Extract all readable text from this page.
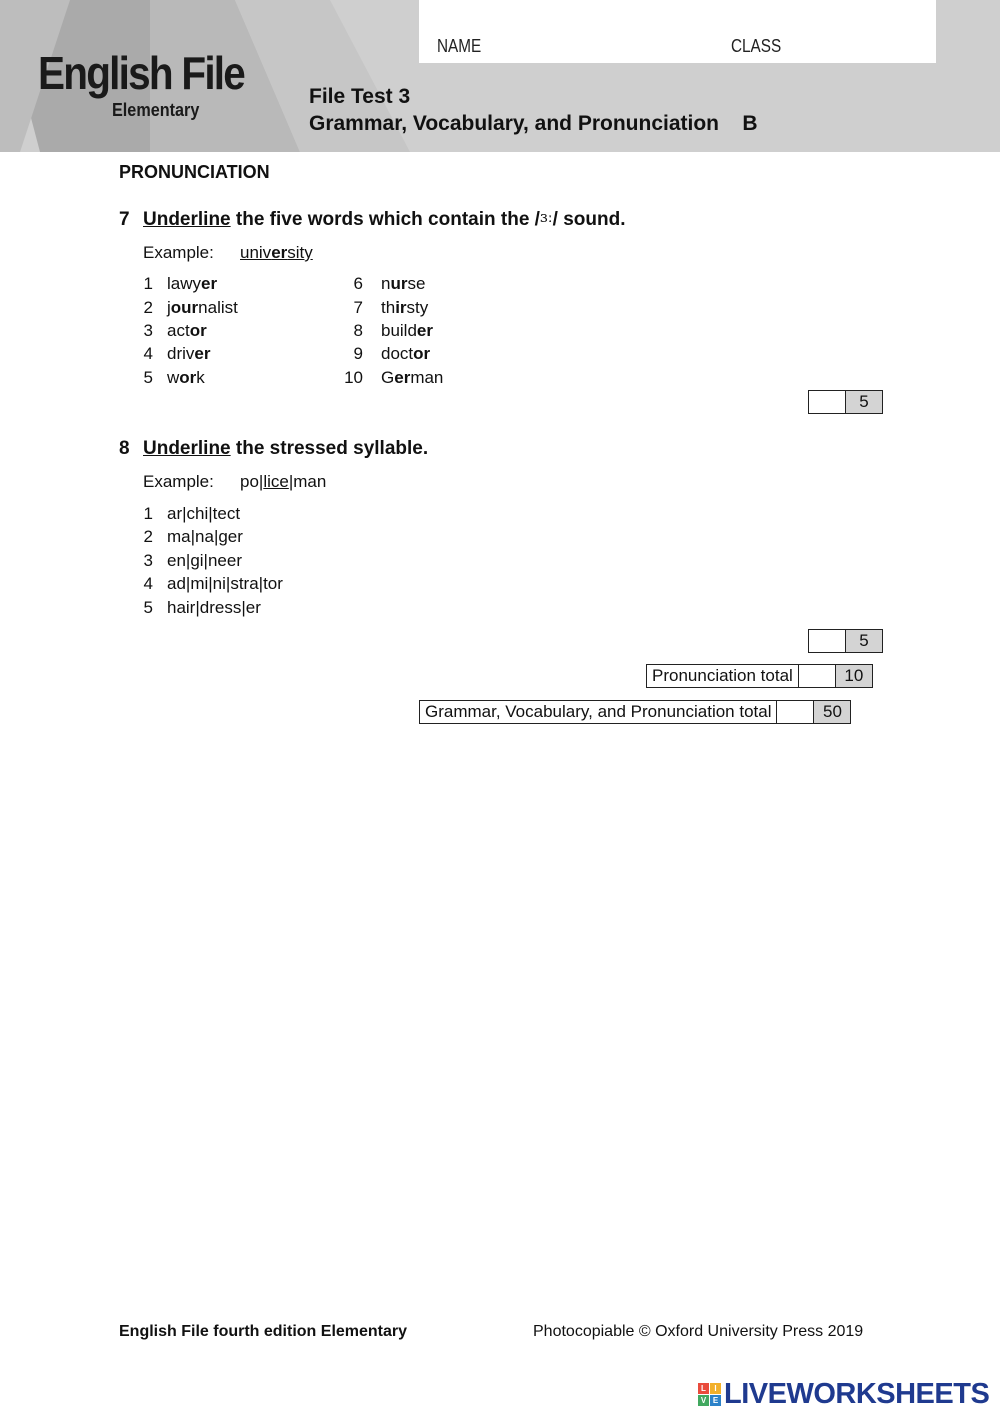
English File
Elementary
NAME	CLASS
File Test 3
Grammar, Vocabulary, and Pronunciation    B
PRONUNCIATION
7 Underline the five words which contain the /ɜː/ sound.
Example: university
1 lawyer
2 journalist
3 actor
4 driver
5 work
6 nurse
7 thirsty
8 builder
9 doctor
10 German
5
8 Underline the stressed syllable.
Example: po|lice|man
1 ar|chi|tect
2 ma|na|ger
3 en|gi|neer
4 ad|mi|ni|stra|tor
5 hair|dress|er
5
Pronunciation total	10
Grammar, Vocabulary, and Pronunciation total	50
English File fourth edition Elementary	Photocopiable © Oxford University Press 2019
L	I
V E LIVEWORKSHEETS
